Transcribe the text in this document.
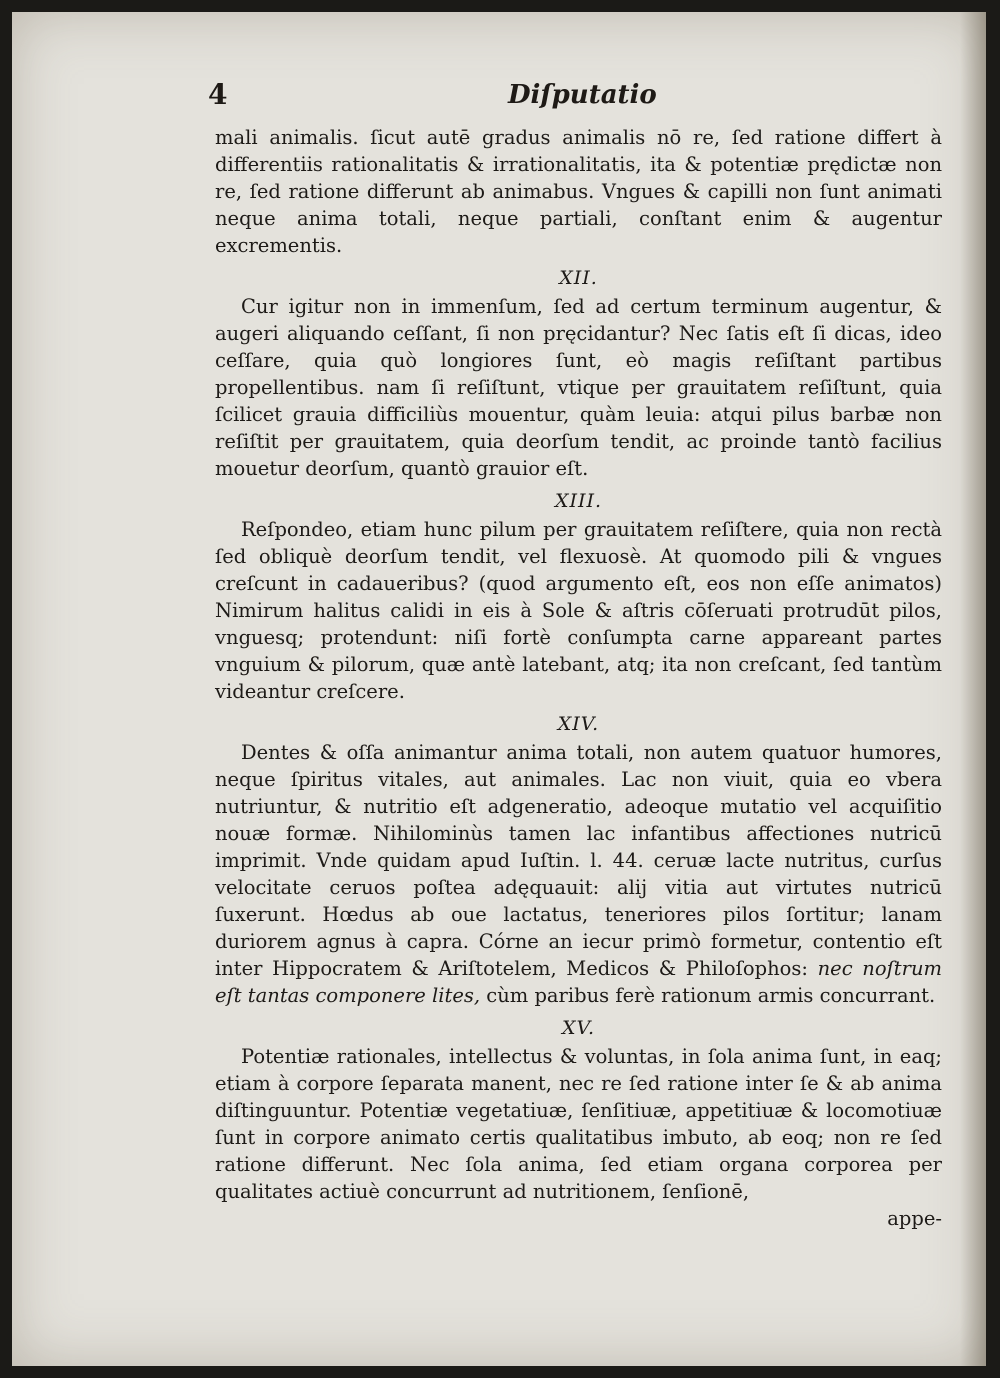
4	Diſputatio

mali animalis. ſicut autē gradus animalis nō re, ſed ratione differt à differentiis rationalitatis & irrationalitatis, ita & potentiæ prędictæ non re, ſed ratione differunt ab animabus. Vngues & capilli non ſunt animati neque anima totali, neque partiali, conſtant enim & augentur excrementis.

XII.

Cur igitur non in immenſum, ſed ad certum terminum augentur, & augeri aliquando ceſſant, ſi non pręcidantur? Nec ſatis eſt ſi dicas, ideo ceſſare, quia quò longiores ſunt, eò magis reſiſtant partibus propellentibus. nam ſi reſiſtunt, vtique per grauitatem reſiſtunt, quia ſcilicet grauia difficiliùs mouentur, quàm leuia: atqui pilus barbæ non reſiſtit per grauitatem, quia deorſum tendit, ac proinde tantò facilius mouetur deorſum, quantò grauior eſt.

XIII.

Reſpondeo, etiam hunc pilum per grauitatem reſiſtere, quia non rectà ſed obliquè deorſum tendit, vel flexuosè. At quomodo pili & vngues creſcunt in cadaueribus? (quod argumento eſt, eos non eſſe animatos) Nimirum halitus calidi in eis à Sole & aſtris cōſeruati protrudūt pilos, vnguesq; protendunt: niſi fortè conſumpta carne appareant partes vnguium & pilorum, quæ antè latebant, atq; ita non creſcant, ſed tantùm videantur creſcere.

XIV.

Dentes & oſſa animantur anima totali, non autem quatuor humores, neque ſpiritus vitales, aut animales. Lac non viuit, quia eo vbera nutriuntur, & nutritio eſt adgeneratio, adeoque mutatio vel acquiſitio nouæ formæ. Nihilominùs tamen lac infantibus affectiones nutricū imprimit. Vnde quidam apud Iuſtin. l. 44. ceruæ lacte nutritus, curſus velocitate ceruos poſtea adęquauit: alij vitia aut virtutes nutricū ſuxerunt. Hœdus ab oue lactatus, teneriores pilos ſortitur; lanam duriorem agnus à capra. Córne an iecur primò formetur, contentio eſt inter Hippocratem & Ariſtotelem, Medicos & Philoſophos: nec noſtrum eſt tantas componere lites, cùm paribus ferè rationum armis concurrant.

XV.

Potentiæ rationales, intellectus & voluntas, in ſola anima ſunt, in eaq; etiam à corpore ſeparata manent, nec re ſed ratione inter ſe & ab anima diſtinguuntur. Potentiæ vegetatiuæ, ſenſitiuæ, appetitiuæ & locomotiuæ ſunt in corpore animato certis qualitatibus imbuto, ab eoq; non re ſed ratione differunt. Nec ſola anima, ſed etiam organa corporea per qualitates actiuè concurrunt ad nutritionem, ſenſionē,

appe-
